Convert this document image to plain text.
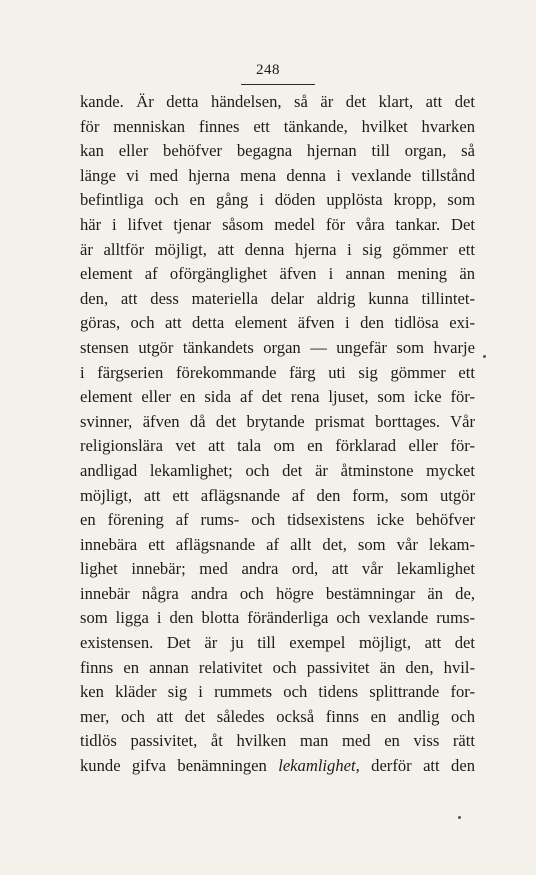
248
kande. Är detta händelsen, så är det klart, att det
för menniskan finnes ett tänkande, hvilket hvarken
kan eller behöfver begagna hjernan till organ, så
länge vi med hjerna mena denna i vexlande tillstånd
befintliga och en gång i döden upplösta kropp, som
här i lifvet tjenar såsom medel för våra tankar. Det
är alltför möjligt, att denna hjerna i sig gömmer ett
element af oförgänglighet äfven i annan mening än
den, att dess materiella delar aldrig kunna tillintet-
göras, och att detta element äfven i den tidlösa exi-
stensen utgör tänkandets organ — ungefär som hvarje
i färgserien förekommande färg uti sig gömmer ett
element eller en sida af det rena ljuset, som icke för-
svinner, äfven då det brytande prismat borttages. Vår
religionslära vet att tala om en förklarad eller för-
andligad lekamlighet; och det är åtminstone mycket
möjligt, att ett aflägsnande af den form, som utgör
en förening af rums- och tidsexistens icke behöfver
innebära ett aflägsnande af allt det, som vår lekam-
lighet innebär; med andra ord, att vår lekamlighet
innebär några andra och högre bestämningar än de,
som ligga i den blotta föränderliga och vexlande rums-
existensen. Det är ju till exempel möjligt, att det
finns en annan relativitet och passivitet än den, hvil-
ken kläder sig i rummets och tidens splittrande for-
mer, och att det således också finns en andlig och
tidlös passivitet, åt hvilken man med en viss rätt
kunde gifva benämningen lekamlighet, derför att den
